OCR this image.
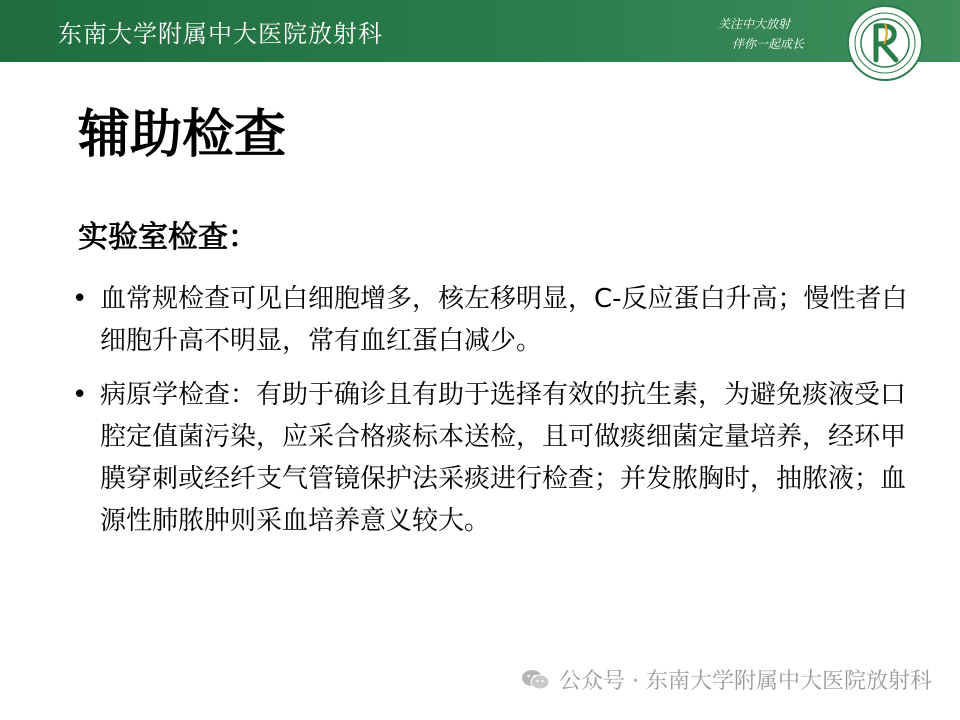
东南大学附属中大医院放射科	关注中大放射
伴你一起成长
辅助检查
实验室检查：
• 血常规检查可见白细胞增多，核左移明显，C-反应蛋白升高；慢性者白细胞升高不明显，常有血红蛋白减少。
• 病原学检查：有助于确诊且有助于选择有效的抗生素，为避免痰液受口腔定值菌污染，应采合格痰标本送检，且可做痰细菌定量培养，经环甲膜穿刺或经纤支气管镜保护法采痰进行检查；并发脓胸时，抽脓液；血源性肺脓肿则采血培养意义较大。
公众号 · 东南大学附属中大医院放射科
